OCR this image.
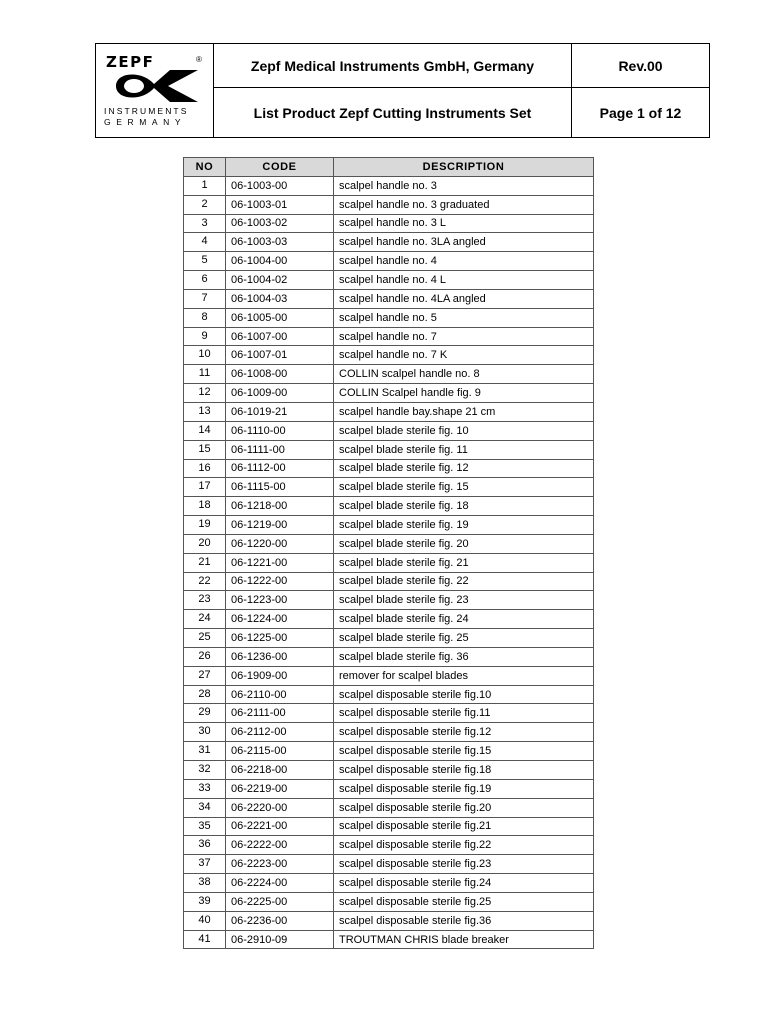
ZEPF	®
INSTRUMENTS
GERMANY
Zepf Medical Instruments GmbH, Germany	Rev.00
List Product Zepf Cutting Instruments Set	Page 1 of 12
NO	CODE	DESCRIPTION
1	06-1003-00	scalpel handle no. 3
2	06-1003-01	scalpel handle no. 3 graduated
3	06-1003-02	scalpel handle no. 3 L
4	06-1003-03	scalpel handle no. 3LA angled
5	06-1004-00	scalpel handle no. 4
6	06-1004-02	scalpel handle no. 4 L
7	06-1004-03	scalpel handle no. 4LA angled
8	06-1005-00	scalpel handle no. 5
9	06-1007-00	scalpel handle no. 7
10	06-1007-01	scalpel handle no. 7 K
11	06-1008-00	COLLIN scalpel handle no. 8
12	06-1009-00	COLLIN Scalpel handle fig. 9
13	06-1019-21	scalpel handle bay.shape 21 cm
14	06-1110-00	scalpel blade sterile fig. 10
15	06-1111-00	scalpel blade sterile fig. 11
16	06-1112-00	scalpel blade sterile fig. 12
17	06-1115-00	scalpel blade sterile fig. 15
18	06-1218-00	scalpel blade sterile fig. 18
19	06-1219-00	scalpel blade sterile fig. 19
20	06-1220-00	scalpel blade sterile fig. 20
21	06-1221-00	scalpel blade sterile fig. 21
22	06-1222-00	scalpel blade sterile fig. 22
23	06-1223-00	scalpel blade sterile fig. 23
24	06-1224-00	scalpel blade sterile fig. 24
25	06-1225-00	scalpel blade sterile fig. 25
26	06-1236-00	scalpel blade sterile fig. 36
27	06-1909-00	remover for scalpel blades
28	06-2110-00	scalpel disposable sterile fig.10
29	06-2111-00	scalpel disposable sterile fig.11
30	06-2112-00	scalpel disposable sterile fig.12
31	06-2115-00	scalpel disposable sterile fig.15
32	06-2218-00	scalpel disposable sterile fig.18
33	06-2219-00	scalpel disposable sterile fig.19
34	06-2220-00	scalpel disposable sterile fig.20
35	06-2221-00	scalpel disposable sterile fig.21
36	06-2222-00	scalpel disposable sterile fig.22
37	06-2223-00	scalpel disposable sterile fig.23
38	06-2224-00	scalpel disposable sterile fig.24
39	06-2225-00	scalpel disposable sterile fig.25
40	06-2236-00	scalpel disposable sterile fig.36
41	06-2910-09	TROUTMAN CHRIS blade breaker
